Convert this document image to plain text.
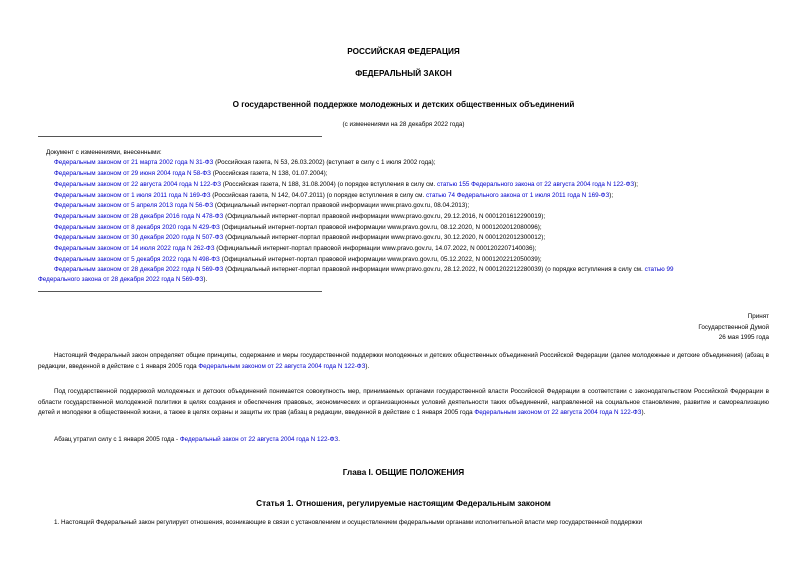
РОССИЙСКАЯ ФЕДЕРАЦИЯ
ФЕДЕРАЛЬНЫЙ ЗАКОН
О государственной поддержке молодежных и детских общественных объединений
(с изменениями на 28 декабря 2022 года)
Документ с изменениями, внесенными:
Федеральным законом от 21 марта 2002 года N 31-ФЗ (Российская газета, N 53, 26.03.2002) (вступает в силу с 1 июля 2002 года);
Федеральным законом от 29 июня 2004 года N 58-ФЗ (Российская газета, N 138, 01.07.2004);
Федеральным законом от 22 августа 2004 года N 122-ФЗ (Российская газета, N 188, 31.08.2004) (о порядке вступления в силу см. статью 155 Федерального закона от 22 августа 2004 года N 122-ФЗ);
Федеральным законом от 1 июля 2011 года N 169-ФЗ (Российская газета, N 142, 04.07.2011) (о порядке вступления в силу см. статью 74 Федерального закона от 1 июля 2011 года N 169-ФЗ);
Федеральным законом от 5 апреля 2013 года N 56-ФЗ (Официальный интернет-портал правовой информации www.pravo.gov.ru, 08.04.2013);
Федеральным законом от 28 декабря 2016 года N 478-ФЗ (Официальный интернет-портал правовой информации www.pravo.gov.ru, 29.12.2016, N 0001201612290019);
Федеральным законом от 8 декабря 2020 года N 429-ФЗ (Официальный интернет-портал правовой информации www.pravo.gov.ru, 08.12.2020, N 0001202012080096);
Федеральным законом от 30 декабря 2020 года N 507-ФЗ (Официальный интернет-портал правовой информации www.pravo.gov.ru, 30.12.2020, N 0001202012300012);
Федеральным законом от 14 июля 2022 года N 262-ФЗ (Официальный интернет-портал правовой информации www.pravo.gov.ru, 14.07.2022, N 0001202207140036);
Федеральным законом от 5 декабря 2022 года N 498-ФЗ (Официальный интернет-портал правовой информации www.pravo.gov.ru, 05.12.2022, N 0001202212050039);
Федеральным законом от 28 декабря 2022 года N 569-ФЗ (Официальный интернет-портал правовой информации www.pravo.gov.ru, 28.12.2022, N 0001202212280039) (о порядке вступления в силу см. статью 99
Федерального закона от 28 декабря 2022 года N 569-ФЗ).
Принят
Государственной Думой
26 мая 1995 года
Настоящий Федеральный закон определяет общие принципы, содержание и меры государственной поддержки молодежных и детских общественных объединений Российской Федерации (далее молодежные и детские объединения) (абзац в редакции, введенной в действие с 1 января 2005 года Федеральным законом от 22 августа 2004 года N 122-ФЗ).
Под государственной поддержкой молодежных и детских объединений понимается совокупность мер, принимаемых органами государственной власти Российской Федерации в соответствии с законодательством Российской Федерации в области государственной молодежной политики в целях создания и обеспечения правовых, экономических и организационных условий деятельности таких объединений, направленной на социальное становление, развитие и самореализацию детей и молодежи в общественной жизни, а также в целях охраны и защиты их прав (абзац в редакции, введенной в действие с 1 января 2005 года Федеральным законом от 22 августа 2004 года N 122-ФЗ).
Абзац утратил силу с 1 января 2005 года - Федеральный закон от 22 августа 2004 года N 122-ФЗ.
Глава I. ОБЩИЕ ПОЛОЖЕНИЯ
Статья 1. Отношения, регулируемые настоящим Федеральным законом
1. Настоящий Федеральный закон регулирует отношения, возникающие в связи с установлением и осуществлением федеральными органами исполнительной власти мер государственной поддержки
